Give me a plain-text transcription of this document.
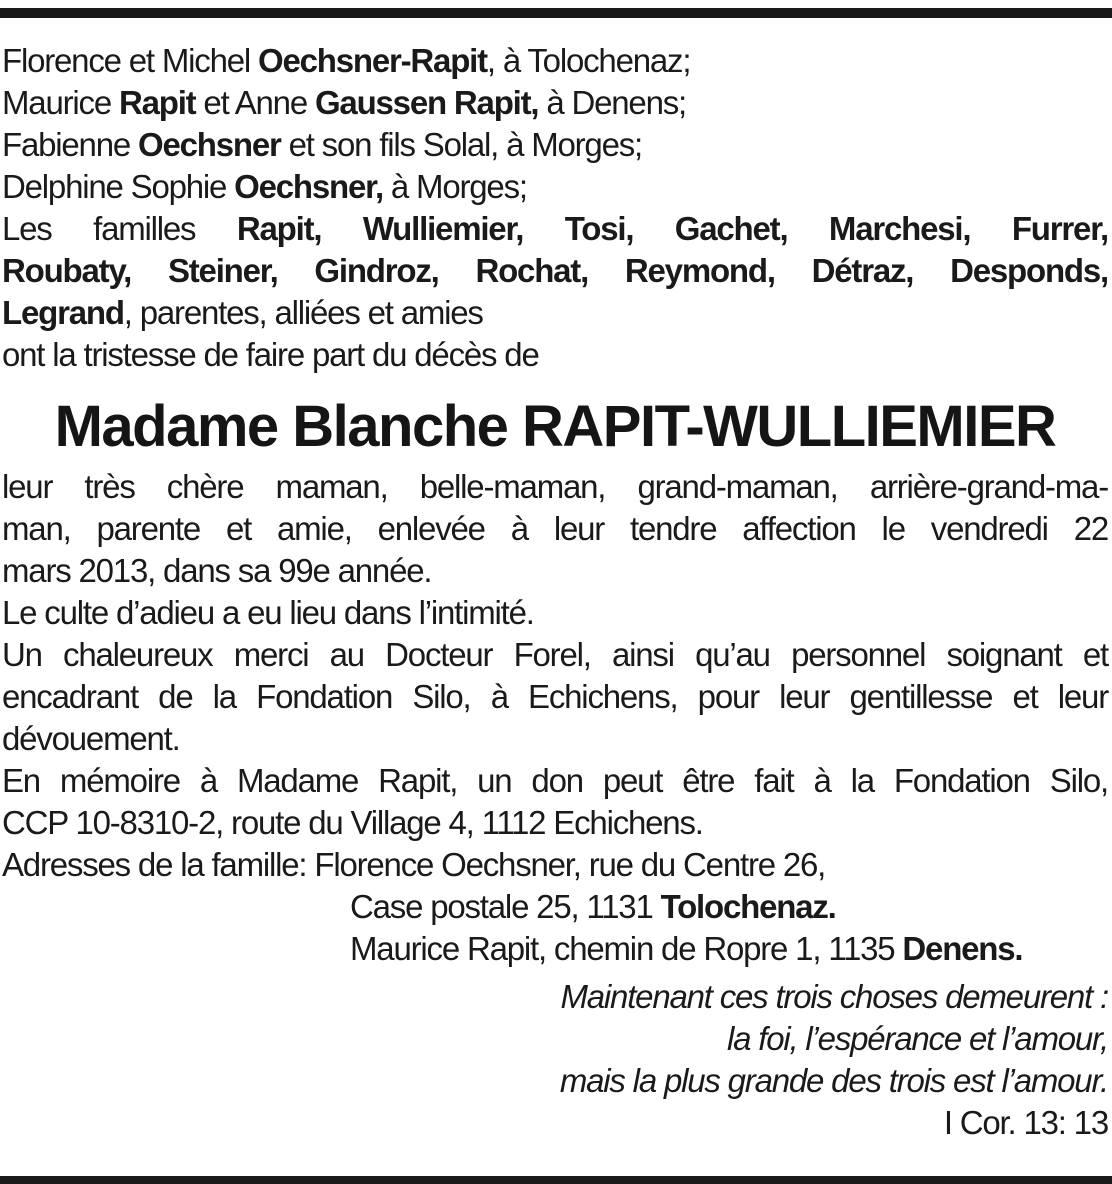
Florence et Michel Oechsner-Rapit, à Tolochenaz;
Maurice Rapit et Anne Gaussen Rapit, à Denens;
Fabienne Oechsner et son fils Solal, à Morges;
Delphine Sophie Oechsner, à Morges;
Les familles Rapit, Wulliemier, Tosi, Gachet, Marchesi, Furrer,
Roubaty, Steiner, Gindroz, Rochat, Reymond, Détraz, Desponds,
Legrand, parentes, alliées et amies
ont la tristesse de faire part du décès de
Madame Blanche RAPIT-WULLIEMIER
leur très chère maman, belle-maman, grand-maman, arrière-grand-ma-
man, parente et amie, enlevée à leur tendre affection le vendredi 22
mars 2013, dans sa 99e année.
Le culte d’adieu a eu lieu dans l’intimité.
Un chaleureux merci au Docteur Forel, ainsi qu’au personnel soignant et
encadrant de la Fondation Silo, à Echichens, pour leur gentillesse et leur
dévouement.
En mémoire à Madame Rapit, un don peut être fait à la Fondation Silo,
CCP 10-8310-2, route du Village 4, 1112 Echichens.
Adresses de la famille: Florence Oechsner, rue du Centre 26,
Case postale 25, 1131 Tolochenaz.
Maurice Rapit, chemin de Ropre 1, 1135 Denens.
Maintenant ces trois choses demeurent :
la foi, l’espérance et l’amour,
mais la plus grande des trois est l’amour.
I Cor. 13: 13
